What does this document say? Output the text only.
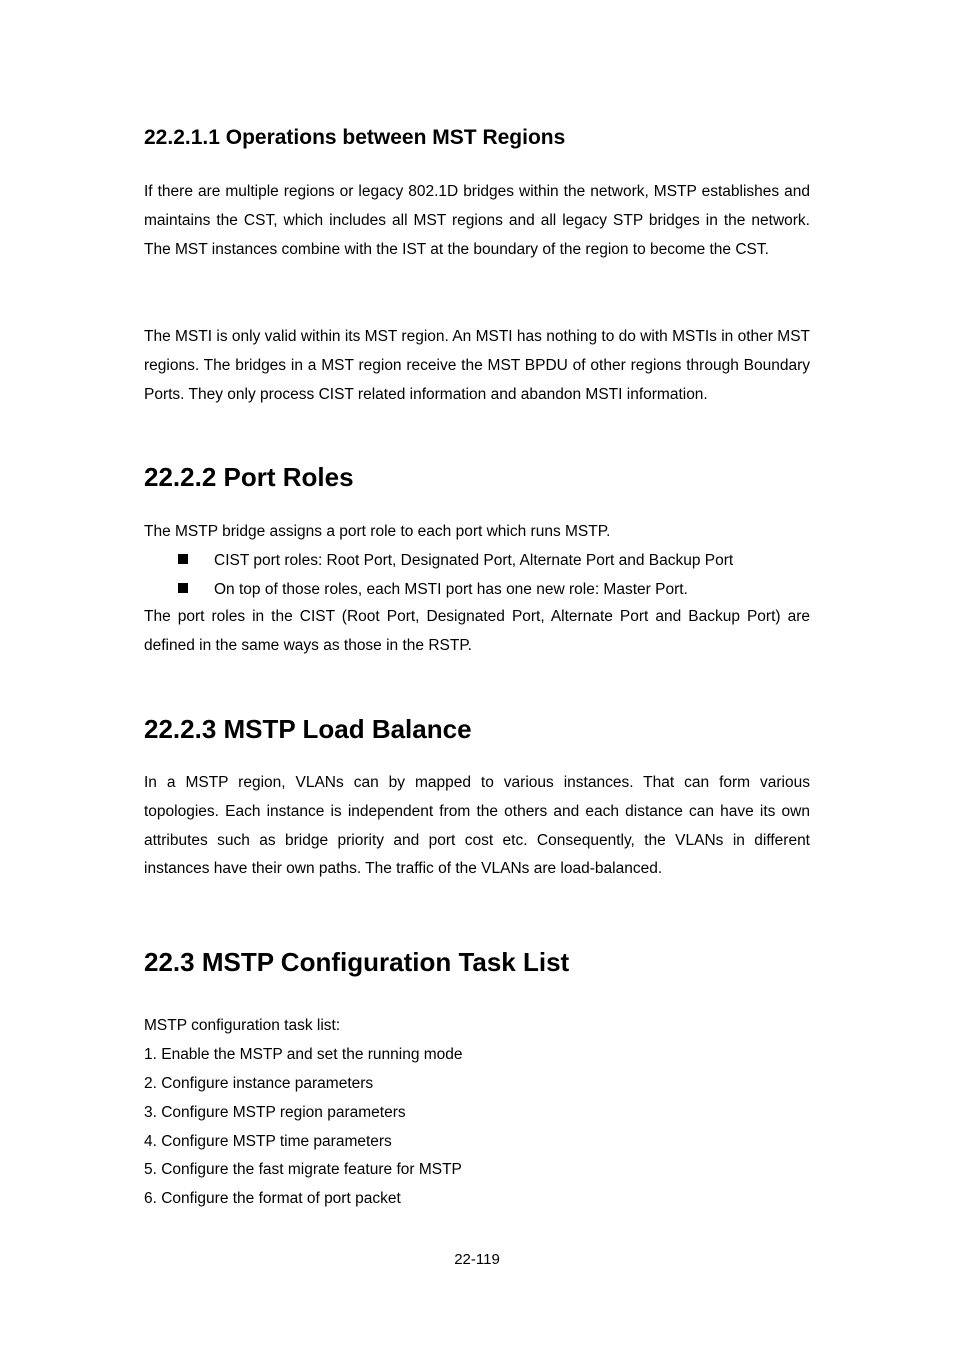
22.2.1.1 Operations between MST Regions
If there are multiple regions or legacy 802.1D bridges within the network, MSTP establishes and maintains the CST, which includes all MST regions and all legacy STP bridges in the network. The MST instances combine with the IST at the boundary of the region to become the CST.
The MSTI is only valid within its MST region. An MSTI has nothing to do with MSTIs in other MST regions. The bridges in a MST region receive the MST BPDU of other regions through Boundary Ports. They only process CIST related information and abandon MSTI information.
22.2.2 Port Roles
The MSTP bridge assigns a port role to each port which runs MSTP.
CIST port roles: Root Port, Designated Port, Alternate Port and Backup Port
On top of those roles, each MSTI port has one new role: Master Port.
The port roles in the CIST (Root Port, Designated Port, Alternate Port and Backup Port) are defined in the same ways as those in the RSTP.
22.2.3 MSTP Load Balance
In a MSTP region, VLANs can by mapped to various instances. That can form various topologies. Each instance is independent from the others and each distance can have its own attributes such as bridge priority and port cost etc. Consequently, the VLANs in different instances have their own paths. The traffic of the VLANs are load-balanced.
22.3 MSTP Configuration Task List
MSTP configuration task list:
1. Enable the MSTP and set the running mode
2. Configure instance parameters
3. Configure MSTP region parameters
4. Configure MSTP time parameters
5. Configure the fast migrate feature for MSTP
6. Configure the format of port packet
22-119
